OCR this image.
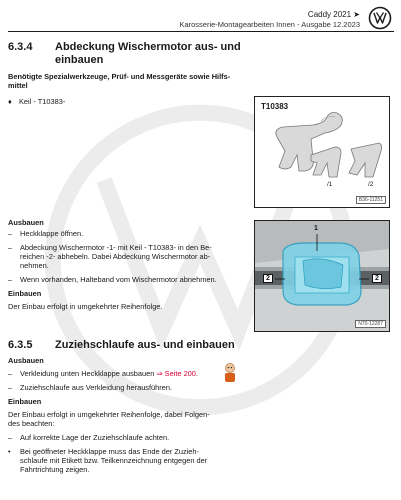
Caddy 2021 ➤
Karosserie-Montagearbeiten Innen - Ausgabe 12.2023
6.3.4 Abdeckung Wischermotor aus- und
einbauen
Benötigte Spezialwerkzeuge, Prüf- und Messgeräte sowie Hilfs-
mittel
♦ Keil - T10383-
T10383
/1	/2
B36-11251
Ausbauen
– Heckklappe öffnen.
– Abdeckung Wischermotor -1- mit Keil - T10383- in den Be-
reichen -2- abhebeln. Dabei Abdeckung Wischermotor ab-
nehmen.
– Wenn vorhanden, Halteband vom Wischermotor abnehmen.
Einbauen
Der Einbau erfolgt in umgekehrter Reihenfolge.
1
2	2
N70-12287
6.3.5 Zuziehschlaufe aus- und einbauen
Ausbauen
– Verkleidung unten Heckklappe ausbauen ⇒ Seite 200.
– Zuziehschlaufe aus Verkleidung herausführen.
Einbauen
Der Einbau erfolgt in umgekehrter Reihenfolge, dabei Folgen-
des beachten:
– Auf korrekte Lage der Zuziehschlaufe achten.
• Bei geöffneter Heckklappe muss das Ende der Zuzieh-
schlaufe mit Etikett bzw. Teilkennzeichnung entgegen der
Fahrtrichtung zeigen.
